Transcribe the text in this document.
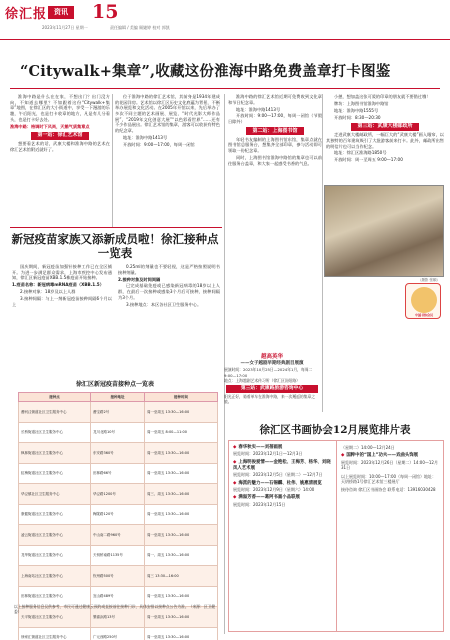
徐汇报 资讯	15
2023年11月27日 星期一	责任编辑 / 美编 顾婕婷 校对 郭凯
“Citywalk+集章”,收藏这份淮海中路免费盖章打卡图鉴

淮海中路是什么在在家，不想出门？出门没方向，不知道去哪里？不如跟着这份“Citywalk+集章”地图，在徐汇区的大小街道中，享受一下漫游的乐趣，午后阳光，也是打卡收章的地方，凡是有几分看头，也是打卡好去处。

淮海中路：格调时下风尚，天鹅气质集章点

第一站：徐汇艺术馆

想要看艺术的话，武康大楼和淮海中路的艺术在徐汇艺术馆附近就好了。

位于淮海中路的徐汇艺术馆，其前身是1934年建成的花园洋房。艺术馆以徐汇区历史文化底蕴为背景，不断举办展览和文化活动。在2005年开馆以来，先后举办了多次不同主题的艺术画展、展览、“时代光影大师作品展”，“2019年文化创意大展”“以色彩看世界”……还有不少作品展出。徐汇艺术馆的集章，游客可以收获有特色的纪念章。

地址：淮海中路1413号

开放时间：9:00—17:00，每周一闭馆

淮海中路的徐汇艺术馆近期可免费收到文化章和节日纪念章。

地址：淮海中路1413号

开放时间：9:00—17:00，每周一闭馆（节假日除外）

第二站：上海图书馆

年轻书友编制的上海图书馆东馆，集章点就在图书馆总服务台，想集齐全部印章，参与活动即可领取一份纪念章。

同时，上海图书馆淮海中路馆的集章也可以前往服务台盖章，和大家一起感受书香的气息。

小憩，想加盖这张可爱的印章的朋友就不要错过哦！

牌坊：上海图书馆淮海中路馆

地址：淮海中路1555号

开放时间：8:30—20:30

第三站：武康大楼邮政所

走进武康大楼邮政所，一幅巨大的“武康大楼”画入眼帘，以其独特的百年建筑吸引了大批游客前来打卡。此外，邮政所出售的明信片也可以当作纪念。

地址：徐汇区淮海路1850号

开放时间：周一至周五 9:00—17:00

（摄影 张顺）
中国书协会员
越高英华
——女子越剧早期经典剧目展演
展演时间：2023年10月25日—2024年1月，每周二9:00—17:00
地点：上海越剧艺术传习所（徐汇区汾阳路）
第三站：武康路旅游咨询中心
阳光正好，骑着单车在淮海中路，来一次邂逅的集章之旅。
新冠疫苗家族又添新成员啦！徐汇接种点一览表

国庆期间，新冠疫苗加强针接种工作已在全区铺开。为进一步满足群众需求，上海市疾控中心发布通知，徐汇区新冠疫苗XBB.1.5株疫苗开始接种。

1.疫苗名称：新冠病毒mRNA疫苗（XBB.1.5）

2.接种对象：18岁及以上人群

3.接种间隔：与上一剂新冠疫苗接种间隔6个月以上

0.25ml的剂量也不要轻视，这是严格按照说明书接种剂量。

2.接种对象及时间间隔

已完成基础免疫或已感染新冠病毒的18岁以上人群，在最后一次接种或感染3个月后可接种，接种间隔为3个月。

3.接种地点：本区各社区卫生服务中心。

徐汇区新冠疫苗接种点一览表
接种点	接种地址	接种时间
漕河泾街道社区卫生服务中心	漕宝路2号	周一至周五 13:30—16:00
长桥街道社区卫生服务中心	龙川北路10号	周一至周五 8:00—11:00
枫林街道社区卫生服务中心	东安路360号	周一至周五 13:30—16:00
虹梅街道社区卫生服务中心	田林路66号	周一至周五 13:30—16:00
华泾镇社区卫生服务中心	华泾路1200号	周三、周五 13:30—16:00
康健街道社区卫生服务中心	梅陇路120号	周一至周五 13:30—16:00
凌云街道社区卫生服务中心	中山南二路960号	周一至周五 13:30—16:00
龙华街道社区卫生服务中心	天钥桥南路1135号	周一、周五 13:30—16:00
上海南站社区卫生服务中心	钦州路500号	周三 13:30—16:00
田林街道社区卫生服务中心	宜山路489号	周一至周五 13:30—16:00
天平街道社区卫生服务中心	肇嘉浜路13号	周一至周五 13:30—16:00
徐家汇街道社区卫生服务中心	广元西路250号	周一至周五 13:30—16:00
以上接种服务信息仅供参考，市民可通过健康云预约或直接前往接种门诊，具体安排以接种点公告为准。（来源：区卫健委）
徐汇区书画协会12月展览排片表
◆ 春华秋实——刘蓓画展
展览时间：2023年12月1日—12月3日
◆ 上海明俊爱情——金艳松、王梅芳、杨华、刘晓凤人艺术展
展览时间：2023年12月5日（星期二）—12月7日
◆ 海派的魅力——石锡麟、杜伟、姚惠清展览
展览时间：2023年12月9日（星期六）14:00
◆ 满溢芳香——葛阿书画小品联展
展览时间：2023年12月15日
（星期二）14:00—12月24日
◆ 国粹中的“国上”功夫——戏曲头饰展
展览时间：2023年12月26日（星期二）14:00—12月31日
以上展览时间：10:00—17:00（每周一闭馆）地址：天钥桥路1号徐汇艺术馆三楼展厅
接待咨询 徐汇区书画协会 联系电话：13916030428
